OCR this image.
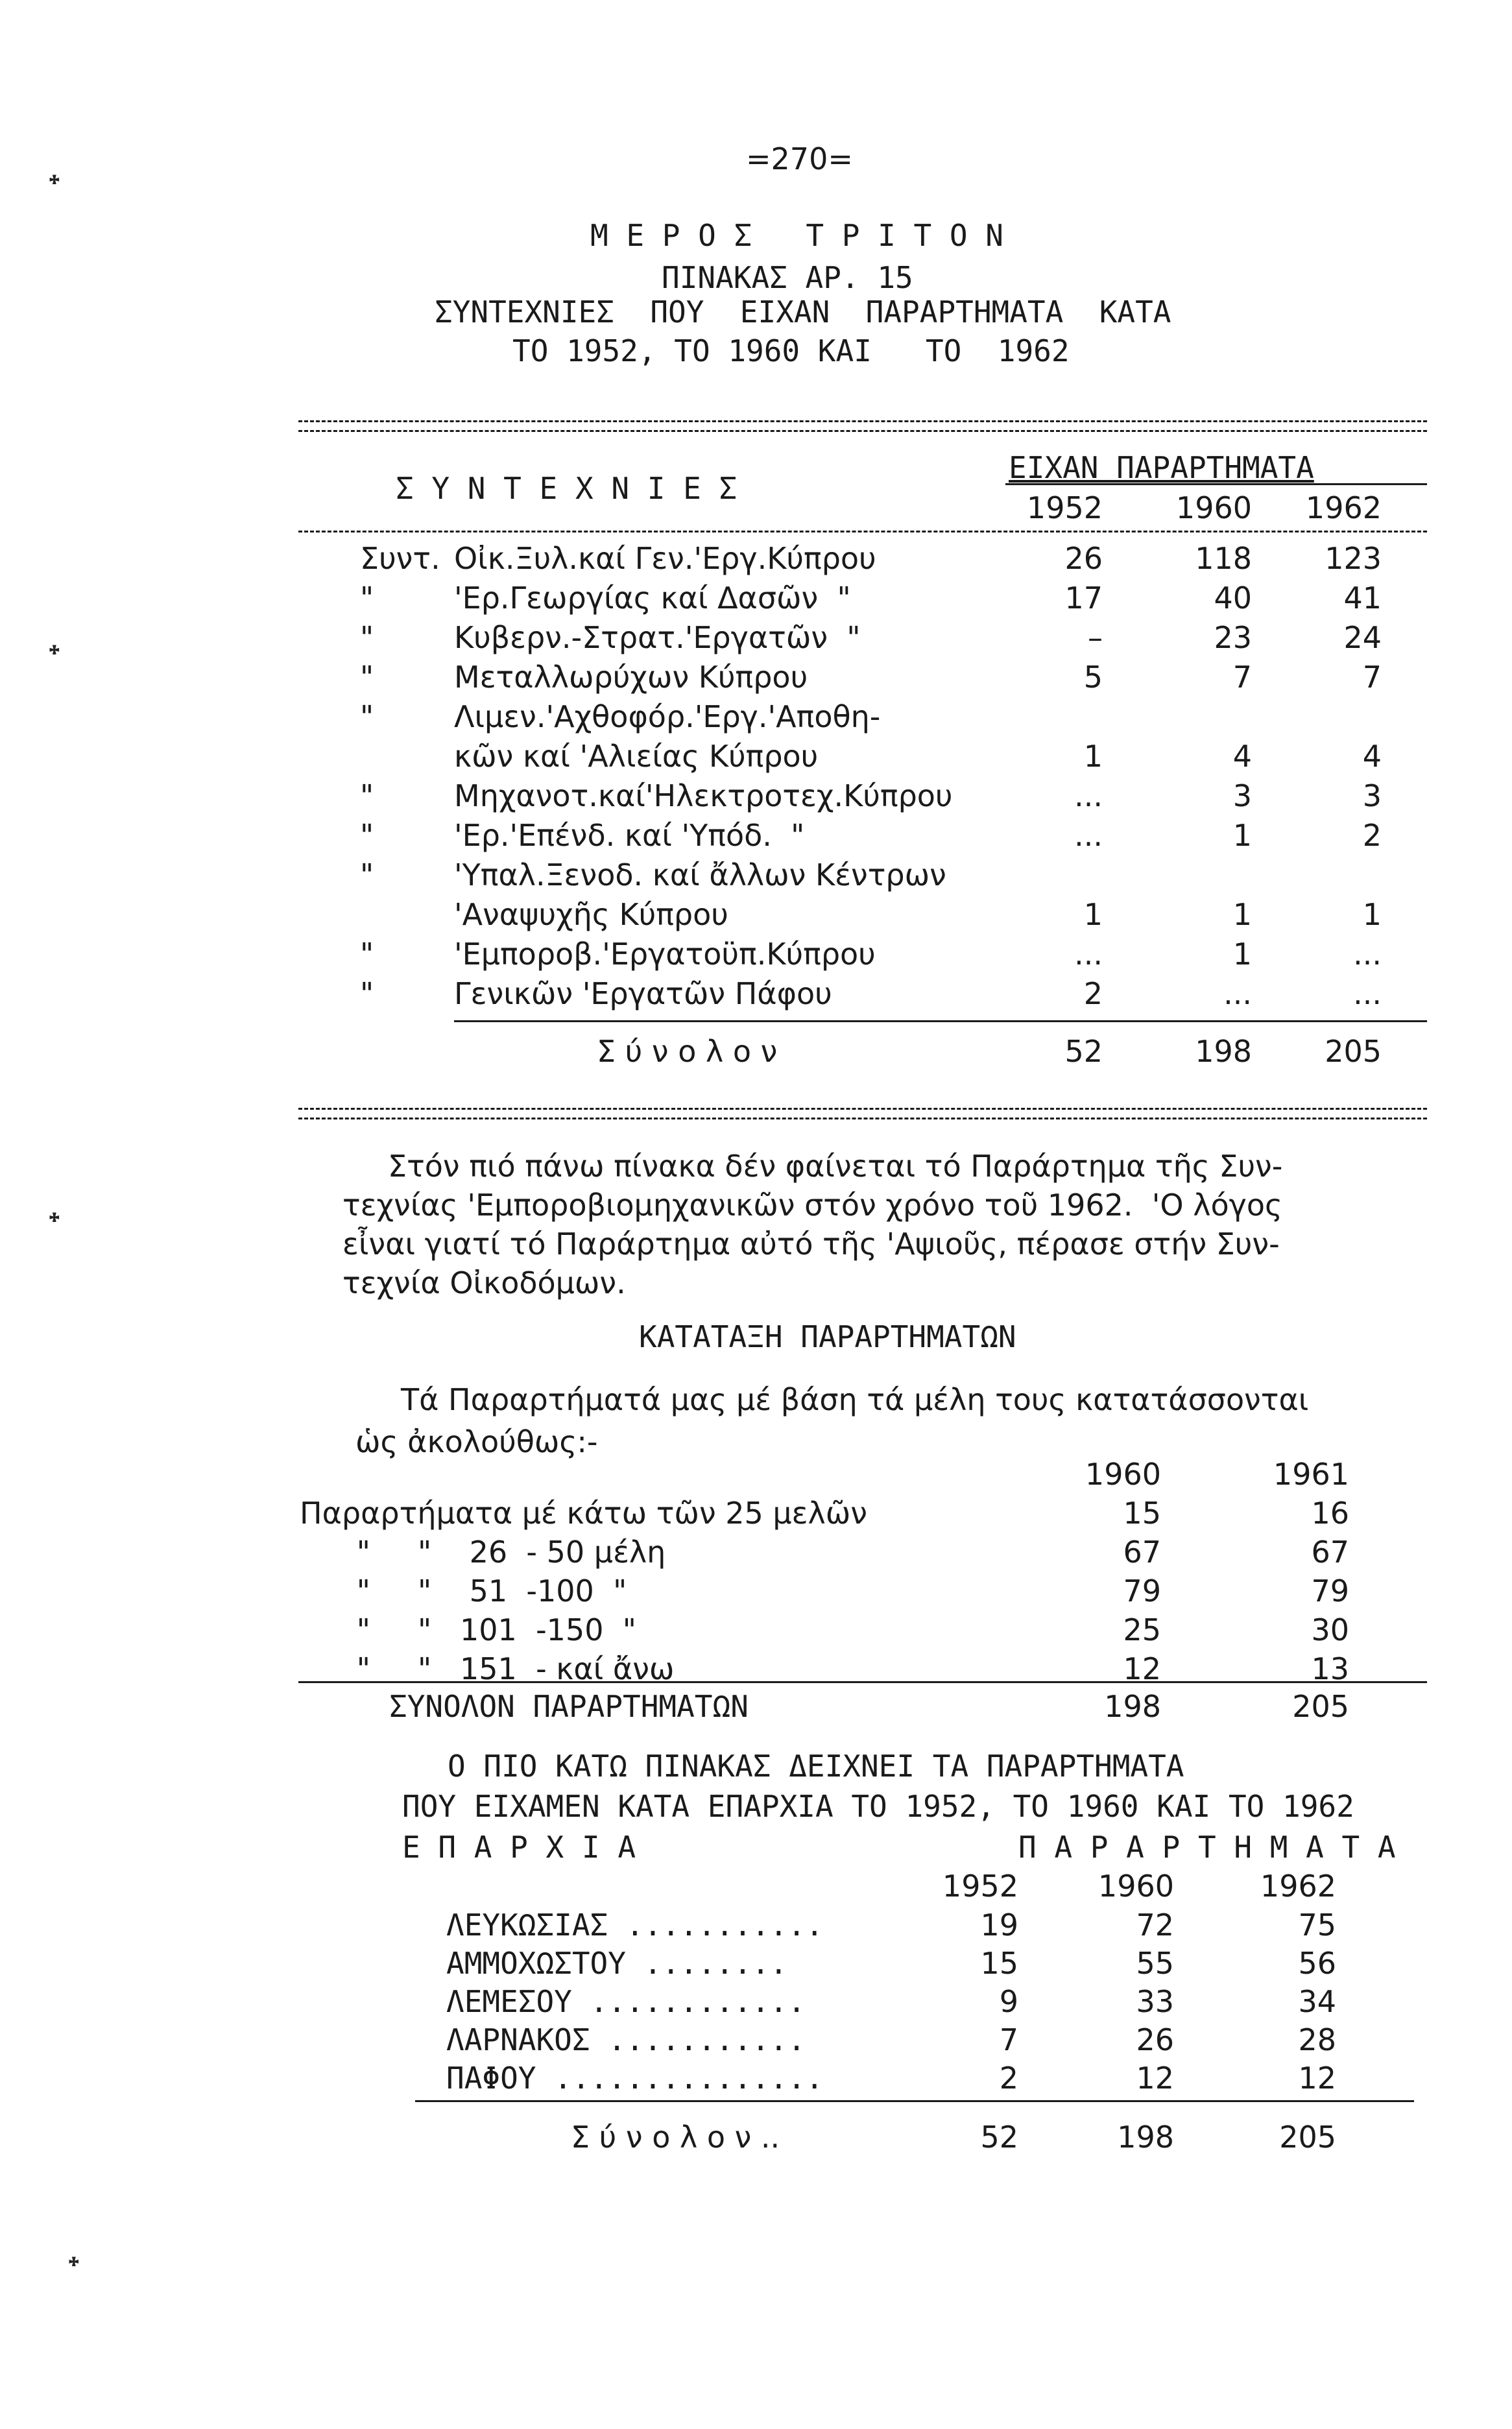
᛭
᛭
᛭
᛭
=270=
Μ Ε Ρ Ο Σ   Τ Ρ Ι Τ Ο Ν
ΠΙΝΑΚΑΣ ΑΡ. 15
ΣΥΝΤΕΧΝΙΕΣ  ΠΟΥ  ΕΙΧΑΝ  ΠΑΡΑΡΤΗΜΑΤΑ  ΚΑΤΑ
ΤΟ 1952, ΤΟ 1960 ΚΑΙ   ΤΟ  1962
ΕΙΧΑΝ ΠΑΡΑΡΤΗΜΑΤΑ
Σ Υ Ν Τ Ε Χ Ν Ι Ε Σ
1952	1960	1962
Συντ. Οἰκ.Ξυλ.καί Γεν.'Εργ.Κύπρου	26	118	123
"	'Ερ.Γεωργίας καί Δασῶν  "	17	40	41
"	Κυβερν.-Στρατ.'Εργατῶν  "	–	23	24
"	Μεταλλωρύχων Κύπρου	5	7	7
"	Λιμεν.'Αχθοφόρ.'Εργ.'Αποθη-
κῶν καί 'Αλιείας Κύπρου	1	4	4
"	Μηχανοτ.καί'Ηλεκτροτεχ.Κύπρου	...	3	3
"	'Ερ.'Επένδ. καί 'Υπόδ.  "	...	1	2
"	'Υπαλ.Ξενοδ. καί ἄλλων Κέντρων
'Αναψυχῆς Κύπρου	1	1	1
"	'Εμποροβ.'Εργατοϋπ.Κύπρου	...	1	...
"	Γενικῶν 'Εργατῶν Πάφου	2	...	...
Σ ύ ν ο λ ο ν	52	198	205
Στόν πιό πάνω πίνακα δέν φαίνεται τό Παράρτημα τῆς Συν-
τεχνίας 'Εμποροβιομηχανικῶν στόν χρόνο τοῦ 1962.  'Ο λόγος
εἶναι γιατί τό Παράρτημα αὐτό τῆς 'Αψιοῦς, πέρασε στήν Συν-
τεχνία Οἰκοδόμων.
ΚΑΤΑΤΑΞΗ ΠΑΡΑΡΤΗΜΑΤΩΝ
Τά Παραρτήματά μας μέ βάση τά μέλη τους κατατάσσονται
ὡς ἀκολούθως:-
1960	1961
Παραρτήματα μέ κάτω τῶν 25 μελῶν	15	16
"     "    26  - 50 μέλη	67	67
"     "    51  -100  "	79	79
"     "   101  -150  "	25	30
"     "   151  - καί ἄνω	12	13
ΣΥΝΟΛΟΝ ΠΑΡΑΡΤΗΜΑΤΩΝ	198	205
Ο ΠΙΟ ΚΑΤΩ ΠΙΝΑΚΑΣ ΔΕΙΧΝΕΙ ΤΑ ΠΑΡΑΡΤΗΜΑΤΑ
ΠΟΥ ΕΙΧΑΜΕΝ ΚΑΤΑ ΕΠΑΡΧΙΑ ΤΟ 1952, ΤΟ 1960 ΚΑΙ ΤΟ 1962
Ε Π Α Ρ Χ Ι Α	Π Α Ρ Α Ρ Τ Η Μ Α Τ Α
1952	1960	1962
ΛΕΥΚΩΣΙΑΣ ...........	19	72	75
ΑΜΜΟΧΩΣΤΟΥ ........	15	55	56
ΛΕΜΕΣΟΥ ............	9	33	34
ΛΑΡΝΑΚΟΣ ...........	7	26	28
ΠΑΦΟΥ ...............	2	12	12
Σ ύ ν ο λ ο ν ..	52	198	205
